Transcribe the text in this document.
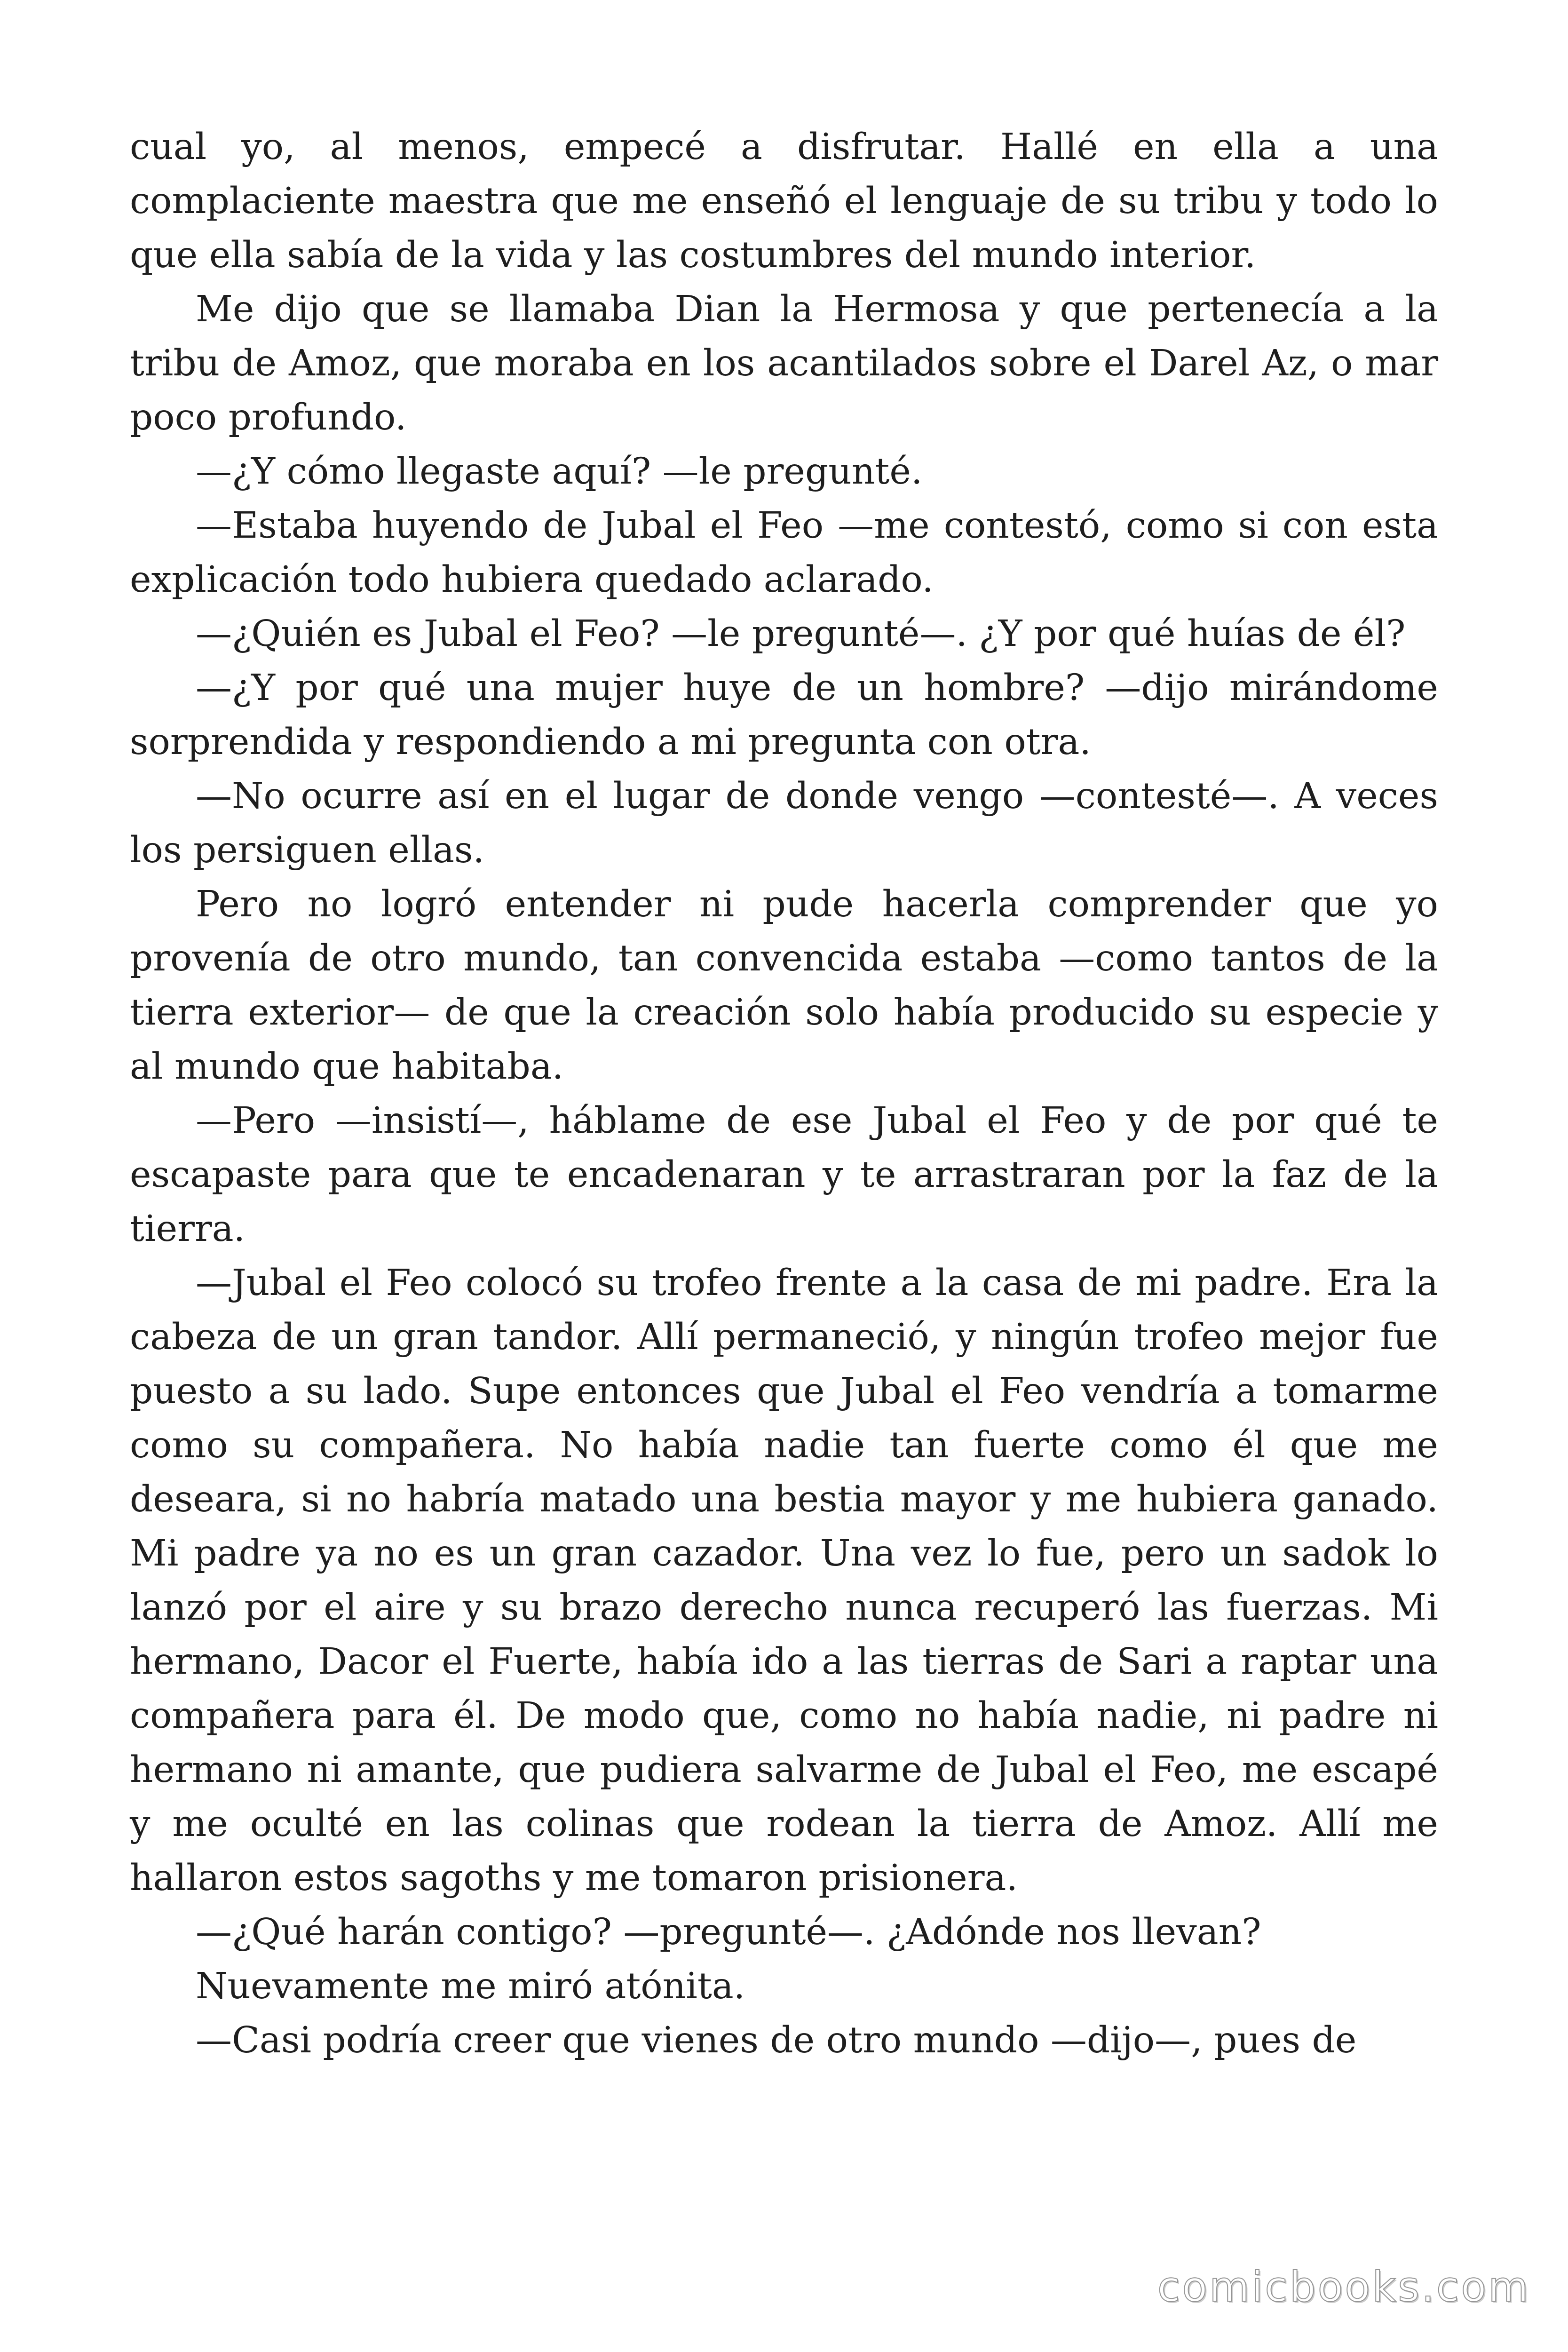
cual yo, al menos, empecé a disfrutar. Hallé en ella a una complaciente maestra que me enseñó el lenguaje de su tribu y todo lo que ella sabía de la vida y las costumbres del mundo interior.

Me dijo que se llamaba Dian la Hermosa y que pertenecía a la tribu de Amoz, que moraba en los acantilados sobre el Darel Az, o mar poco profundo.

—¿Y cómo llegaste aquí? —le pregunté.

—Estaba huyendo de Jubal el Feo —me contestó, como si con esta explicación todo hubiera quedado aclarado.

—¿Quién es Jubal el Feo? —le pregunté—. ¿Y por qué huías de él?

—¿Y por qué una mujer huye de un hombre? —dijo mirándome sorprendida y respondiendo a mi pregunta con otra.

—No ocurre así en el lugar de donde vengo —contesté—. A veces los persiguen ellas.

Pero no logró entender ni pude hacerla comprender que yo provenía de otro mundo, tan convencida estaba —como tantos de la tierra exterior— de que la creación solo había producido su especie y al mundo que habitaba.

—Pero —insistí—, háblame de ese Jubal el Feo y de por qué te escapaste para que te encadenaran y te arrastraran por la faz de la tierra.

—Jubal el Feo colocó su trofeo frente a la casa de mi padre. Era la cabeza de un gran tandor. Allí permaneció, y ningún trofeo mejor fue puesto a su lado. Supe entonces que Jubal el Feo vendría a tomarme como su compañera. No había nadie tan fuerte como él que me deseara, si no habría matado una bestia mayor y me hubiera ganado. Mi padre ya no es un gran cazador. Una vez lo fue, pero un sadok lo lanzó por el aire y su brazo derecho nunca recuperó las fuerzas. Mi hermano, Dacor el Fuerte, había ido a las tierras de Sari a raptar una compañera para él. De modo que, como no había nadie, ni padre ni hermano ni amante, que pudiera salvarme de Jubal el Feo, me escapé y me oculté en las colinas que rodean la tierra de Amoz. Allí me hallaron estos sagoths y me tomaron prisionera.

—¿Qué harán contigo? —pregunté—. ¿Adónde nos llevan?

Nuevamente me miró atónita.

—Casi podría creer que vienes de otro mundo —dijo—, pues de

comicbooks.com
